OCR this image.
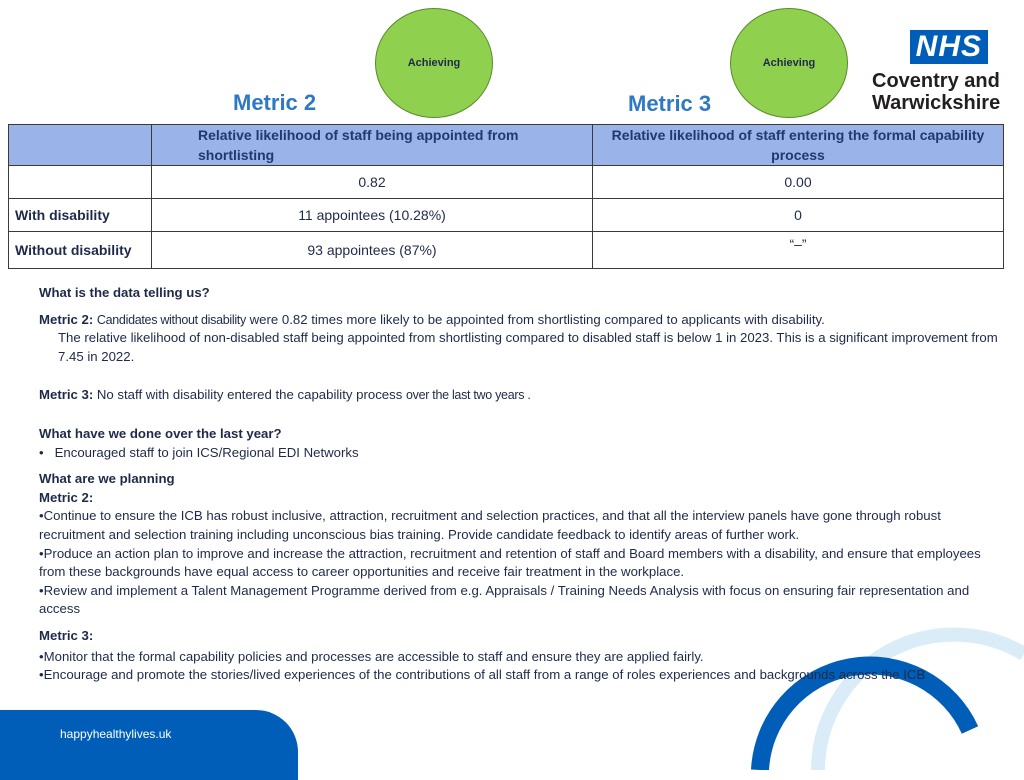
Achieving	Achieving
Metric 2	Metric 3
NHS
Coventry and
Warwickshire
	Relative likelihood of staff being appointed from shortlisting	Relative likelihood of staff entering the formal capability process
	0.82	0.00
With disability	11 appointees (10.28%)	0
Without disability	93 appointees (87%)	“–”

What is the data telling us?

Metric 2: Candidates without disability were 0.82 times more likely to be appointed from shortlisting compared to applicants with disability.

The relative likelihood of non-disabled staff being appointed from shortlisting compared to disabled staff is below 1 in 2023. This is a significant improvement from 7.45 in 2022.

Metric 3: No staff with disability entered the capability process over the last two years .

What have we done over the last year?

•   Encouraged staff to join ICS/Regional EDI Networks

What are we planning

Metric 2:

•Continue to ensure the ICB has robust inclusive, attraction, recruitment and selection practices, and that all the interview panels have gone through robust recruitment and selection training including unconscious bias training. Provide candidate feedback to identify areas of further work.

•Produce an action plan to improve and increase the attraction, recruitment and retention of staff and Board members with a disability, and ensure that employees from these backgrounds have equal access to career opportunities and receive fair treatment in the workplace.

•Review and implement a Talent Management Programme derived from e.g. Appraisals / Training Needs Analysis with focus on ensuring fair representation and access

Metric 3:

•Monitor that the formal capability policies and processes are accessible to staff and ensure they are applied fairly.

•Encourage and promote the stories/lived experiences of the contributions of all staff from a range of roles experiences and backgrounds across the ICB

happyhealthylives.uk
